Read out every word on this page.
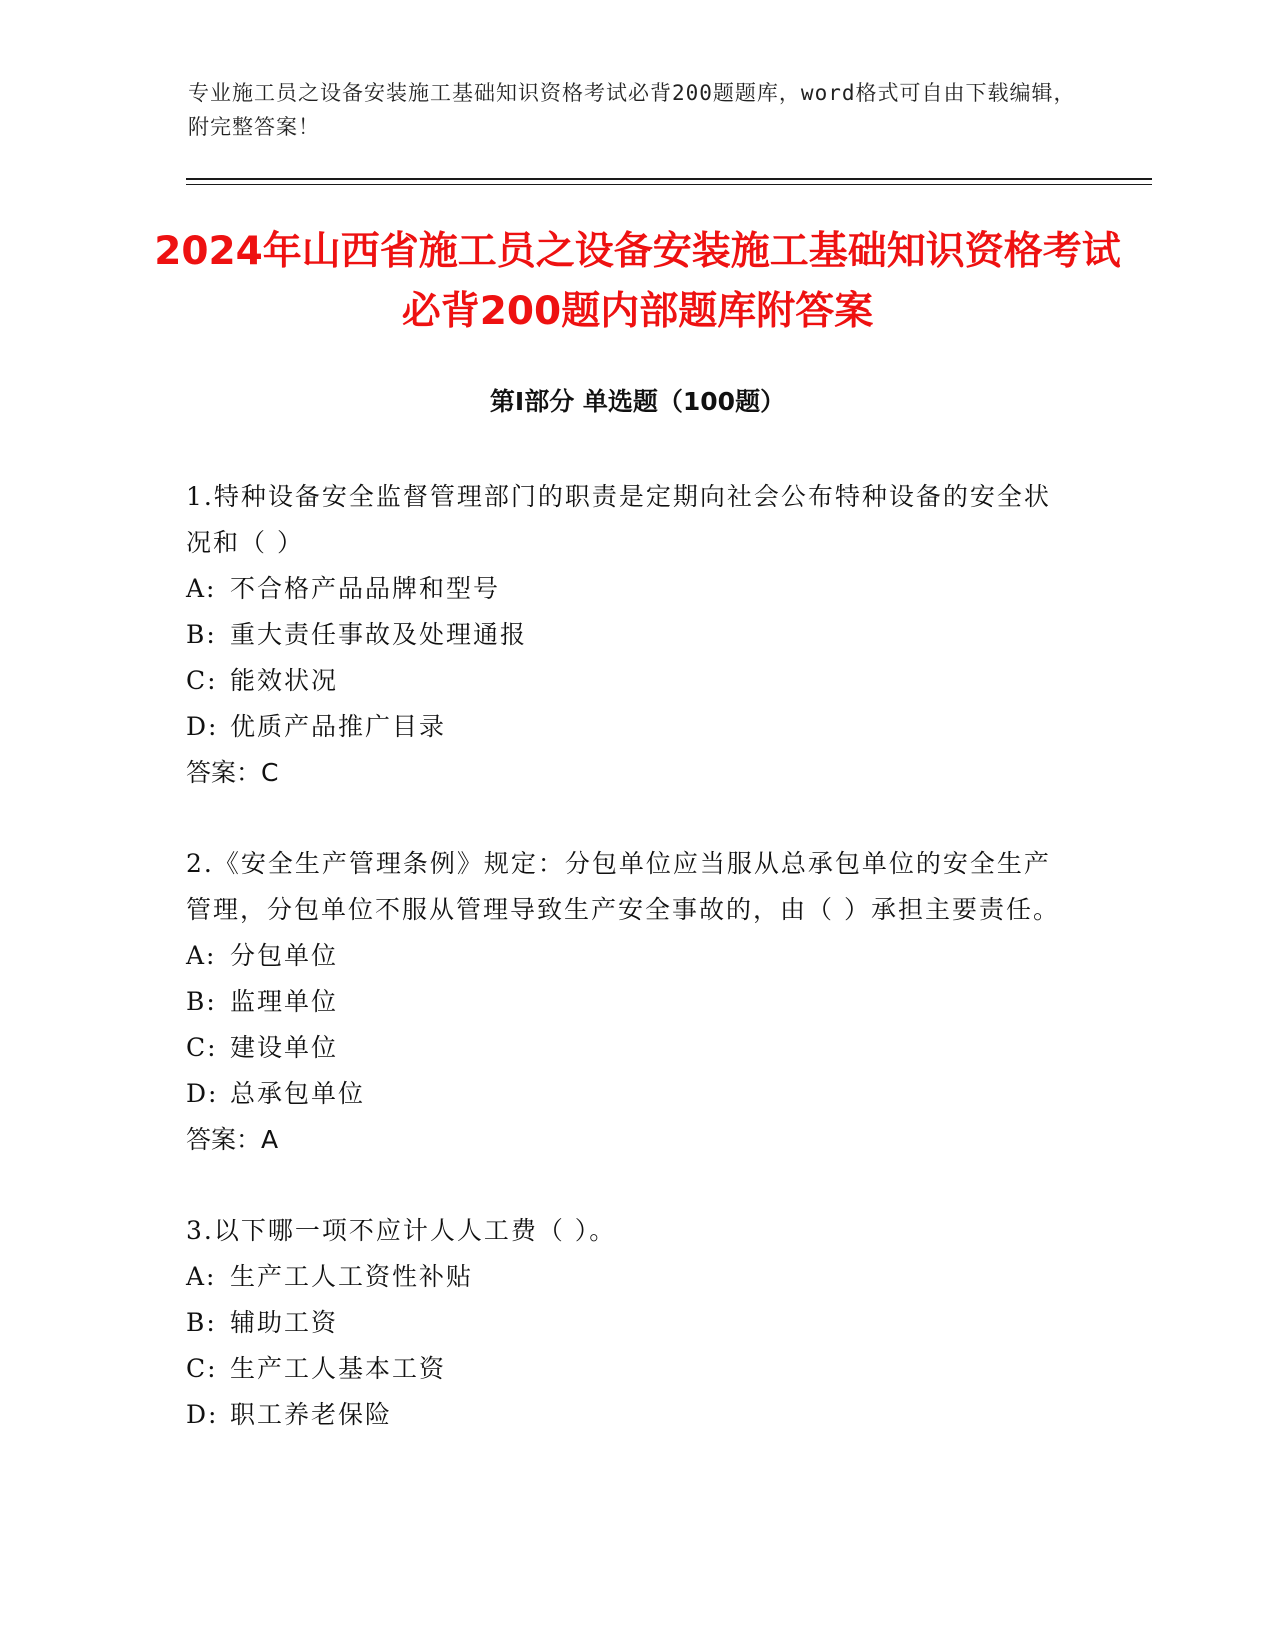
专业施工员之设备安装施工基础知识资格考试必背200题题库，word格式可自由下载编辑，附完整答案！
2024年山西省施工员之设备安装施工基础知识资格考试必背200题内部题库附答案
第Ⅰ部分 单选题（100题）

1.特种设备安全监督管理部门的职责是定期向社会公布特种设备的安全状况和（ ）

A: 不合格产品品牌和型号

B: 重大责任事故及处理通报

C: 能效状况

D: 优质产品推广目录

答案：C

2.《安全生产管理条例》规定：分包单位应当服从总承包单位的安全生产管理，分包单位不服从管理导致生产安全事故的，由（ ）承担主要责任。

A: 分包单位

B: 监理单位

C: 建设单位

D: 总承包单位

答案：A

3.以下哪一项不应计人人工费（ ）。

A: 生产工人工资性补贴

B: 辅助工资

C: 生产工人基本工资

D: 职工养老保险
